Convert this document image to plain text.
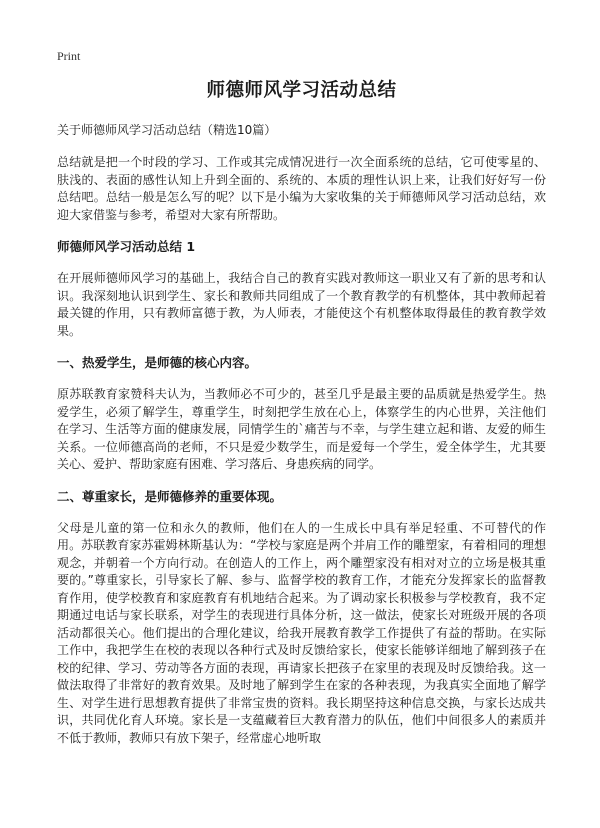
Print
师德师风学习活动总结
关于师德师风学习活动总结（精选10篇）

总结就是把一个时段的学习、工作或其完成情况进行一次全面系统的总结，它可使零星的、肤浅的、表面的感性认知上升到全面的、系统的、本质的理性认识上来，让我们好好写一份总结吧。总结一般是怎么写的呢？以下是小编为大家收集的关于师德师风学习活动总结，欢迎大家借鉴与参考，希望对大家有所帮助。

师德师风学习活动总结 1

在开展师德师风学习的基础上，我结合自己的教育实践对教师这一职业又有了新的思考和认识。我深刻地认识到学生、家长和教师共同组成了一个教育教学的有机整体，其中教师起着最关键的作用，只有教师富德于教，为人师表，才能使这个有机整体取得最佳的教育教学效果。

一、热爱学生，是师德的核心内容。

原苏联教育家赞科夫认为，当教师必不可少的，甚至几乎是最主要的品质就是热爱学生。热爱学生，必须了解学生，尊重学生，时刻把学生放在心上，体察学生的内心世界，关注他们在学习、生活等方面的健康发展，同情学生的`痛苦与不幸，与学生建立起和谐、友爱的师生关系。一位师德高尚的老师，不只是爱少数学生，而是爱每一个学生，爱全体学生，尤其要关心、爱护、帮助家庭有困难、学习落后、身患疾病的同学。

二、尊重家长，是师德修养的重要体现。

父母是儿童的第一位和永久的教师，他们在人的一生成长中具有举足轻重、不可替代的作用。苏联教育家苏霍姆林斯基认为：“学校与家庭是两个并肩工作的雕塑家，有着相同的理想观念，并朝着一个方向行动。在创造人的工作上，两个雕塑家没有相对对立的立场是极其重要的。”尊重家长，引导家长了解、参与、监督学校的教育工作，才能充分发挥家长的监督教育作用，使学校教育和家庭教育有机地结合起来。为了调动家长积极参与学校教育，我不定期通过电话与家长联系，对学生的表现进行具体分析，这一做法，使家长对班级开展的各项活动都很关心。他们提出的合理化建议，给我开展教育教学工作提供了有益的帮助。在实际工作中，我把学生在校的表现以各种行式及时反馈给家长，使家长能够详细地了解到孩子在校的纪律、学习、劳动等各方面的表现，再请家长把孩子在家里的表现及时反馈给我。这一做法取得了非常好的教育效果。及时地了解到学生在家的各种表现，为我真实全面地了解学生、对学生进行思想教育提供了非常宝贵的资料。我长期坚持这种信息交换，与家长达成共识，共同优化育人环境。家长是一支蕴藏着巨大教育潜力的队伍，他们中间很多人的素质并不低于教师，教师只有放下架子，经常虚心地听取
